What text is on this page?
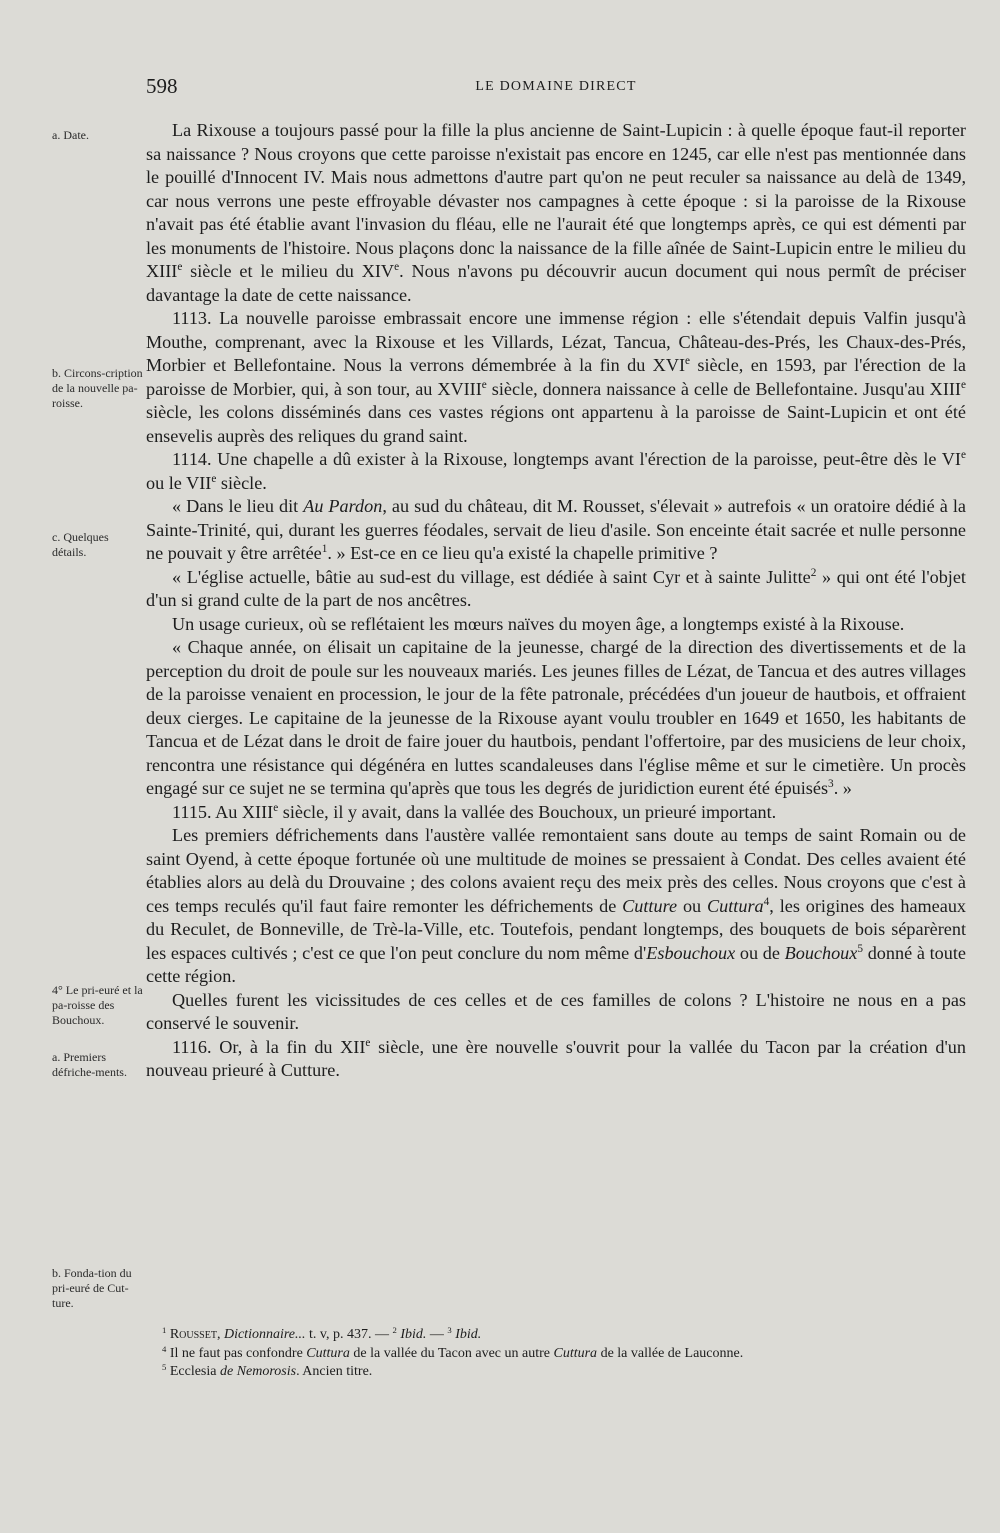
598	LE DOMAINE DIRECT
a. Date.
b. Circons-cription de la nouvelle pa-roisse.
c. Quelques détails.
4° Le pri-euré et la pa-roisse des Bouchoux.
a. Premiers défriche-ments.
b. Fonda-tion du pri-euré de Cut-ture.

La Rixouse a toujours passé pour la fille la plus ancienne de Saint-Lupicin : à quelle époque faut-il reporter sa naissance ? Nous croyons que cette paroisse n'existait pas encore en 1245, car elle n'est pas mentionnée dans le pouillé d'Innocent IV. Mais nous admettons d'autre part qu'on ne peut reculer sa naissance au delà de 1349, car nous verrons une peste effroyable dévaster nos campagnes à cette époque : si la paroisse de la Rixouse n'avait pas été établie avant l'invasion du fléau, elle ne l'aurait été que longtemps après, ce qui est démenti par les monuments de l'histoire. Nous plaçons donc la naissance de la fille aînée de Saint-Lupicin entre le milieu du XIIIe siècle et le milieu du XIVe. Nous n'avons pu découvrir aucun document qui nous permît de préciser davantage la date de cette naissance.

1113. La nouvelle paroisse embrassait encore une immense région : elle s'étendait depuis Valfin jusqu'à Mouthe, comprenant, avec la Rixouse et les Villards, Lézat, Tancua, Château-des-Prés, les Chaux-des-Prés, Morbier et Bellefontaine. Nous la verrons démembrée à la fin du XVIe siècle, en 1593, par l'érection de la paroisse de Morbier, qui, à son tour, au XVIIIe siècle, donnera naissance à celle de Bellefontaine. Jusqu'au XIIIe siècle, les colons disséminés dans ces vastes régions ont appartenu à la paroisse de Saint-Lupicin et ont été ensevelis auprès des reliques du grand saint.

1114. Une chapelle a dû exister à la Rixouse, longtemps avant l'érection de la paroisse, peut-être dès le VIe ou le VIIe siècle.

« Dans le lieu dit Au Pardon, au sud du château, dit M. Rousset, s'élevait » autrefois « un oratoire dédié à la Sainte-Trinité, qui, durant les guerres féodales, servait de lieu d'asile. Son enceinte était sacrée et nulle personne ne pouvait y être arrêtée$^1$. » Est-ce en ce lieu qu'a existé la chapelle primitive ?

« L'église actuelle, bâtie au sud-est du village, est dédiée à saint Cyr et à sainte Julitte$^2$ » qui ont été l'objet d'un si grand culte de la part de nos ancêtres.

Un usage curieux, où se reflétaient les mœurs naïves du moyen âge, a longtemps existé à la Rixouse.

« Chaque année, on élisait un capitaine de la jeunesse, chargé de la direction des divertissements et de la perception du droit de poule sur les nouveaux mariés. Les jeunes filles de Lézat, de Tancua et des autres villages de la paroisse venaient en procession, le jour de la fête patronale, précédées d'un joueur de hautbois, et offraient deux cierges. Le capitaine de la jeunesse de la Rixouse ayant voulu troubler en 1649 et 1650, les habitants de Tancua et de Lézat dans le droit de faire jouer du hautbois, pendant l'offertoire, par des musiciens de leur choix, rencontra une résistance qui dégénéra en luttes scandaleuses dans l'église même et sur le cimetière. Un procès engagé sur ce sujet ne se termina qu'après que tous les degrés de juridiction eurent été épuisés$^3$. »

1115. Au XIIIe siècle, il y avait, dans la vallée des Bouchoux, un prieuré important.

Les premiers défrichements dans l'austère vallée remontaient sans doute au temps de saint Romain ou de saint Oyend, à cette époque fortunée où une multitude de moines se pressaient à Condat. Des celles avaient été établies alors au delà du Drouvaine ; des colons avaient reçu des meix près des celles. Nous croyons que c'est à ces temps reculés qu'il faut faire remonter les défrichements de Cutture ou Cuttura$^4$, les origines des hameaux du Reculet, de Bonneville, de Trè-la-Ville, etc. Toutefois, pendant longtemps, des bouquets de bois séparèrent les espaces cultivés ; c'est ce que l'on peut conclure du nom même d'Esbouchoux ou de Bouchoux$^5$ donné à toute cette région.

Quelles furent les vicissitudes de ces celles et de ces familles de colons ? L'histoire ne nous en a pas conservé le souvenir.

1116. Or, à la fin du XIIe siècle, une ère nouvelle s'ouvrit pour la vallée du Tacon par la création d'un nouveau prieuré à Cutture.

$^1$ Rousset, Dictionnaire... t. v, p. 437. — $^2$ Ibid. — $^3$ Ibid.

$^4$ Il ne faut pas confondre Cuttura de la vallée du Tacon avec un autre Cuttura de la vallée de Lauconne.

$^5$ Ecclesia de Nemorosis. Ancien titre.
